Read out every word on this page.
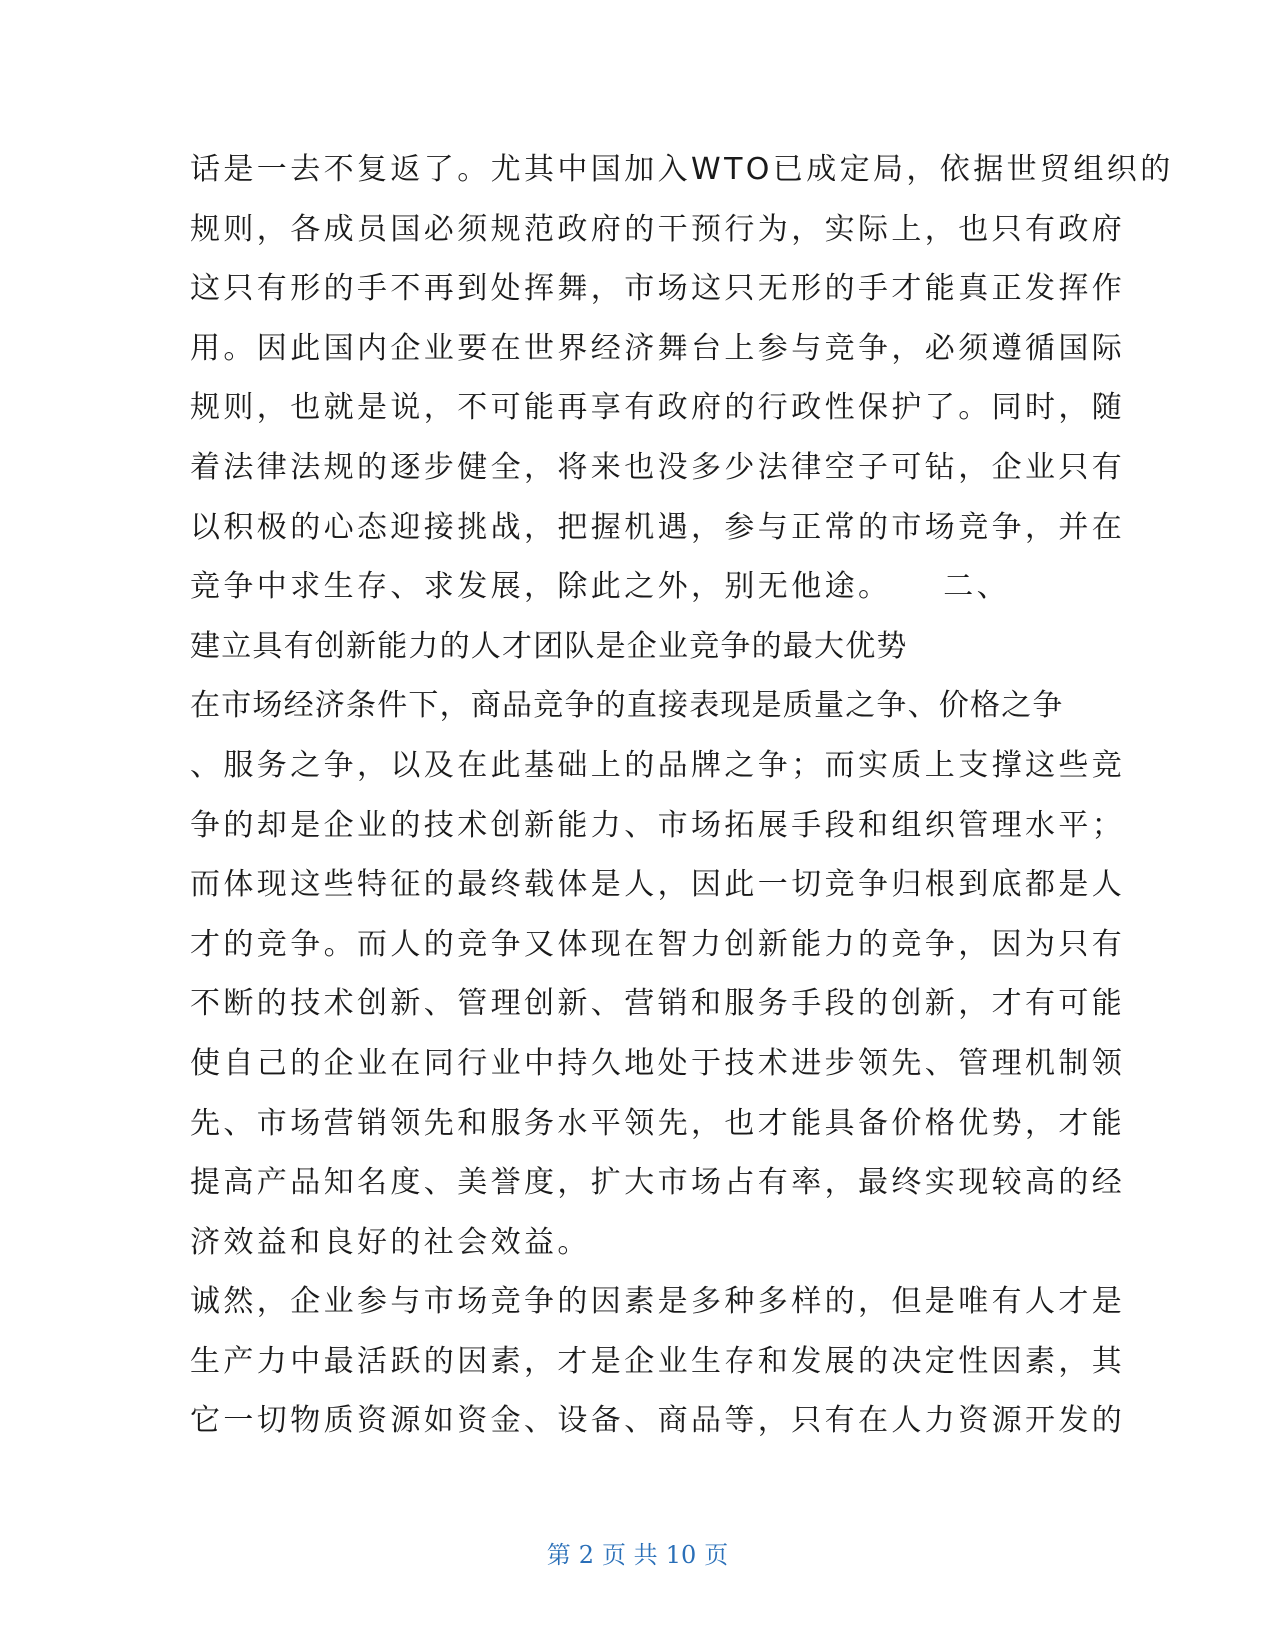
话是一去不复返了。尤其中国加入WTO已成定局，依据世贸组织的
规则，各成员国必须规范政府的干预行为，实际上，也只有政府
这只有形的手不再到处挥舞，市场这只无形的手才能真正发挥作
用。因此国内企业要在世界经济舞台上参与竞争，必须遵循国际
规则，也就是说，不可能再享有政府的行政性保护了。同时，随
着法律法规的逐步健全，将来也没多少法律空子可钻，企业只有
以积极的心态迎接挑战，把握机遇，参与正常的市场竞争，并在
竞争中求生存、求发展，除此之外，别无他途。　　二、
建立具有创新能力的人才团队是企业竞争的最大优势
在市场经济条件下，商品竞争的直接表现是质量之争、价格之争
、服务之争，以及在此基础上的品牌之争；而实质上支撑这些竞
争的却是企业的技术创新能力、市场拓展手段和组织管理水平；
而体现这些特征的最终载体是人，因此一切竞争归根到底都是人
才的竞争。而人的竞争又体现在智力创新能力的竞争，因为只有
不断的技术创新、管理创新、营销和服务手段的创新，才有可能
使自己的企业在同行业中持久地处于技术进步领先、管理机制领
先、市场营销领先和服务水平领先，也才能具备价格优势，才能
提高产品知名度、美誉度，扩大市场占有率，最终实现较高的经
济效益和良好的社会效益。
诚然，企业参与市场竞争的因素是多种多样的，但是唯有人才是
生产力中最活跃的因素，才是企业生存和发展的决定性因素，其
它一切物质资源如资金、设备、商品等，只有在人力资源开发的
第 2 页 共 10 页
